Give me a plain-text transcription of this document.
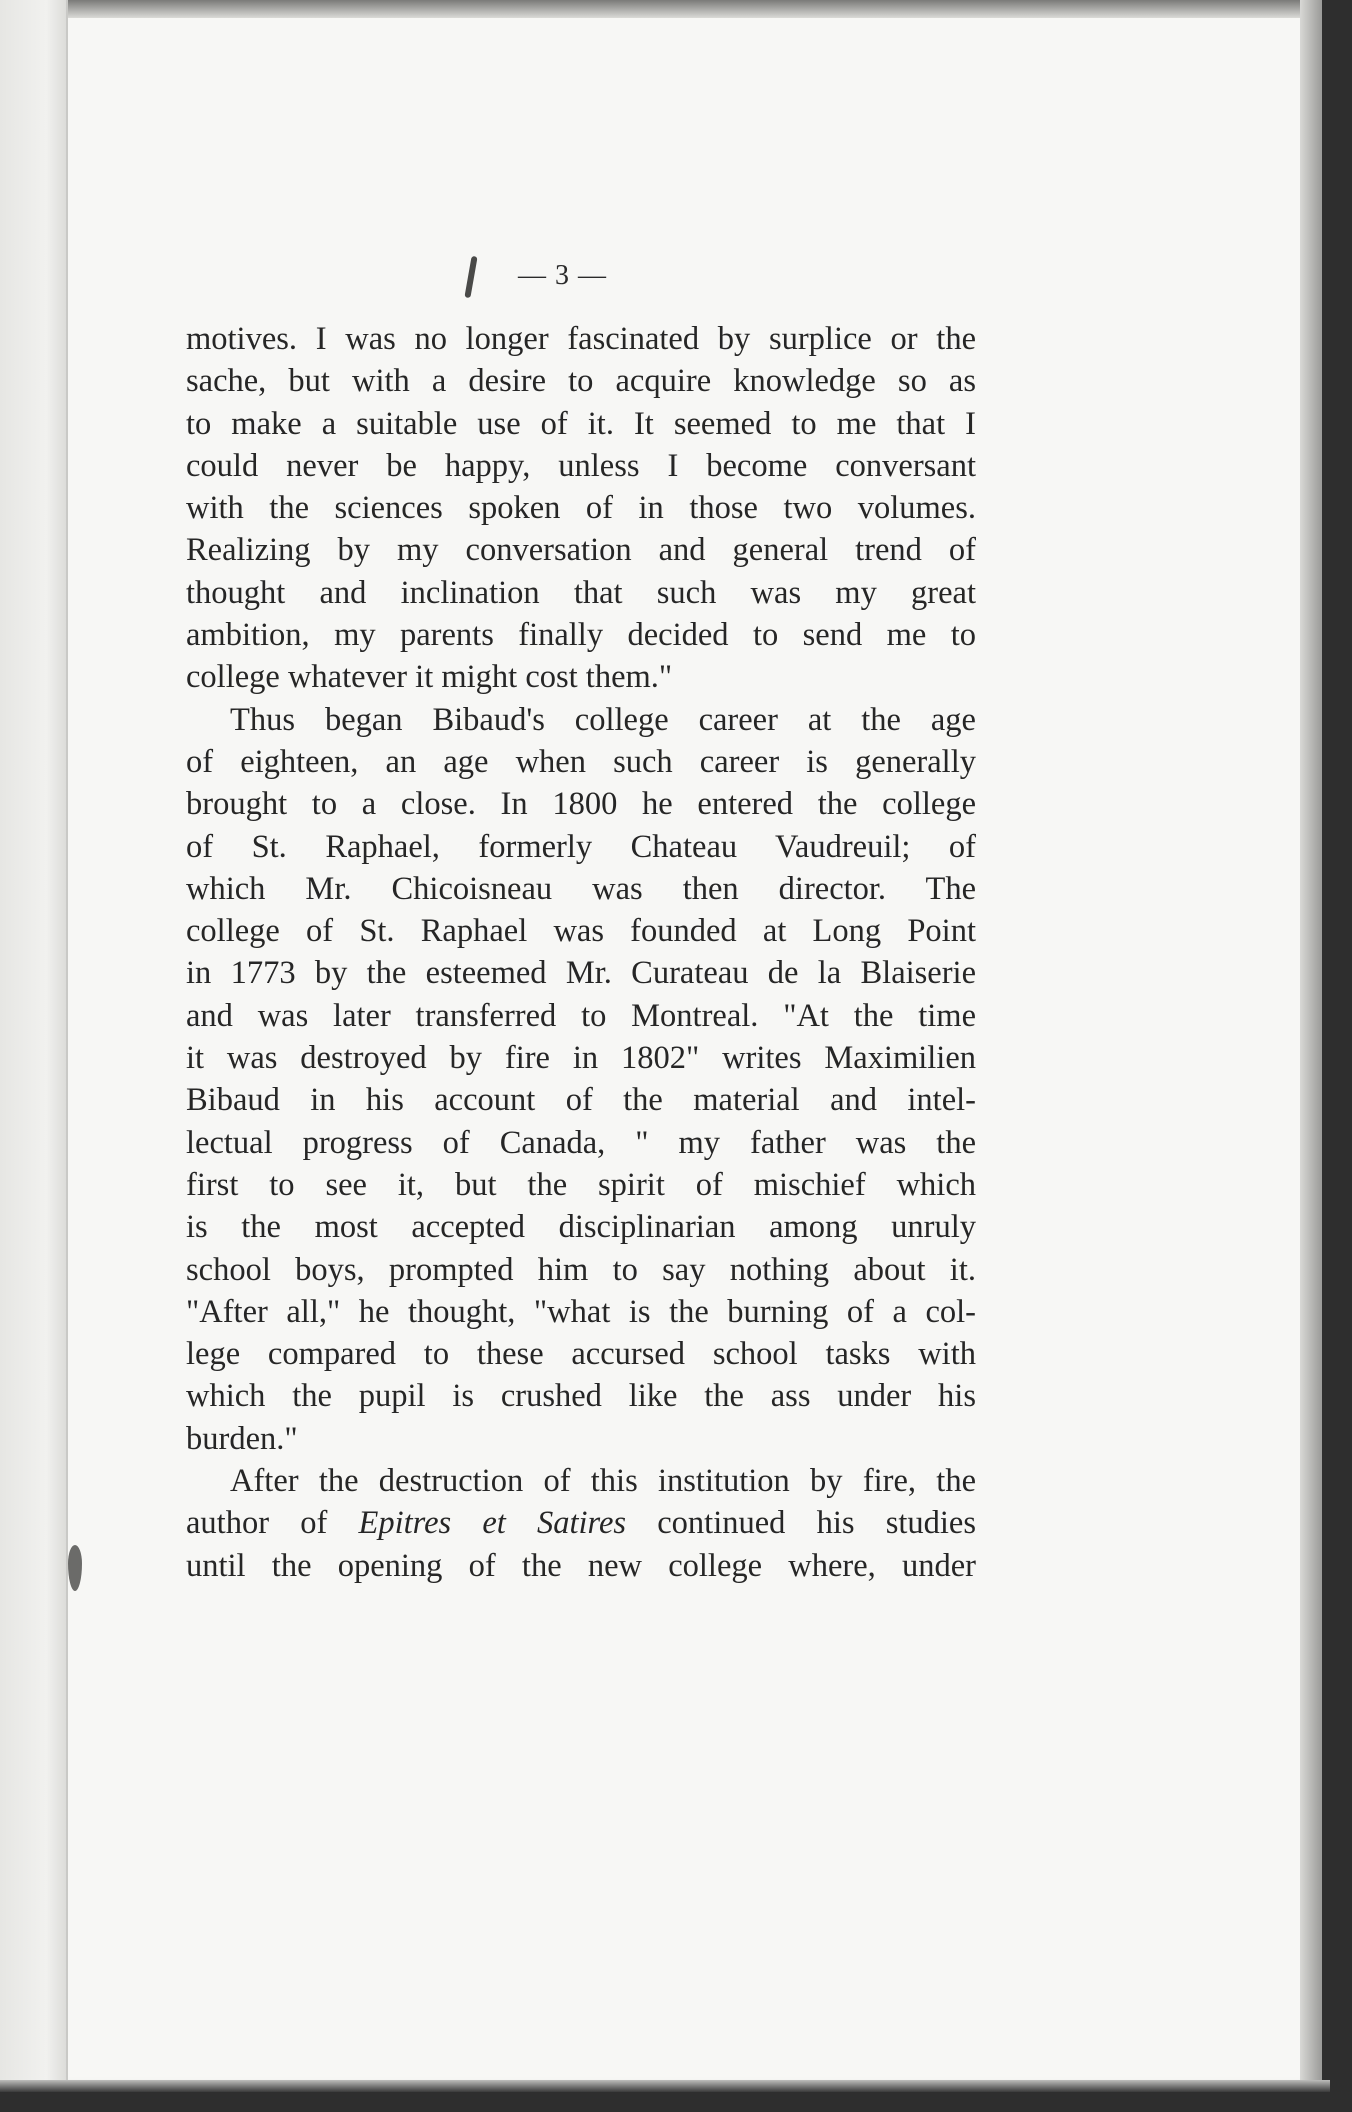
— 3 —
motives. I was no longer fascinated by surplice or the
sache, but with a desire to acquire knowledge so as
to make a suitable use of it. It seemed to me that I
could never be happy, unless I become conversant
with the sciences spoken of in those two volumes.
Realizing by my conversation and general trend of
thought and inclination that such was my great
ambition, my parents finally decided to send me to
college whatever it might cost them."
Thus began Bibaud's college career at the age
of eighteen, an age when such career is generally
brought to a close. In 1800 he entered the college
of St. Raphael, formerly Chateau Vaudreuil; of
which Mr. Chicoisneau was then director. The
college of St. Raphael was founded at Long Point
in 1773 by the esteemed Mr. Curateau de la Blaiserie
and was later transferred to Montreal. "At the time
it was destroyed by fire in 1802" writes Maximilien
Bibaud in his account of the material and intel-
lectual progress of Canada, " my father was the
first to see it, but the spirit of mischief which
is the most accepted disciplinarian among unruly
school boys, prompted him to say nothing about it.
"After all," he thought, "what is the burning of a col-
lege compared to these accursed school tasks with
which the pupil is crushed like the ass under his
burden."
After the destruction of this institution by fire, the
author of Epitres et Satires continued his studies
until the opening of the new college where, under
